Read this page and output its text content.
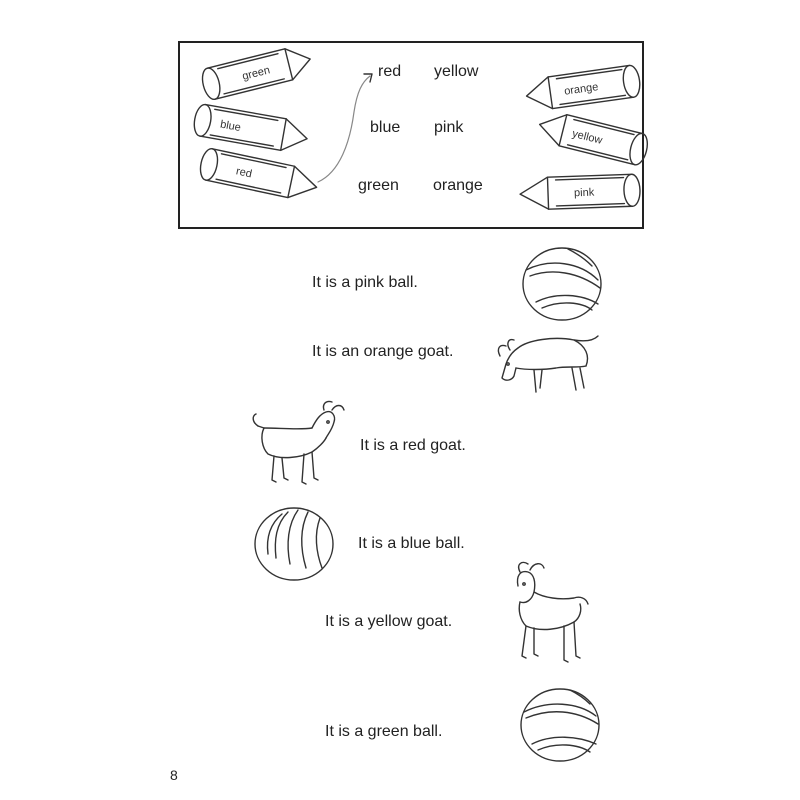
green
blue
red
red yellow
blue pink
green orange
orange
yellow
pink
It is a pink ball.
It is an orange goat.
It is a red goat.
It is a blue ball.
It is a yellow goat.
It is a green ball.
8
